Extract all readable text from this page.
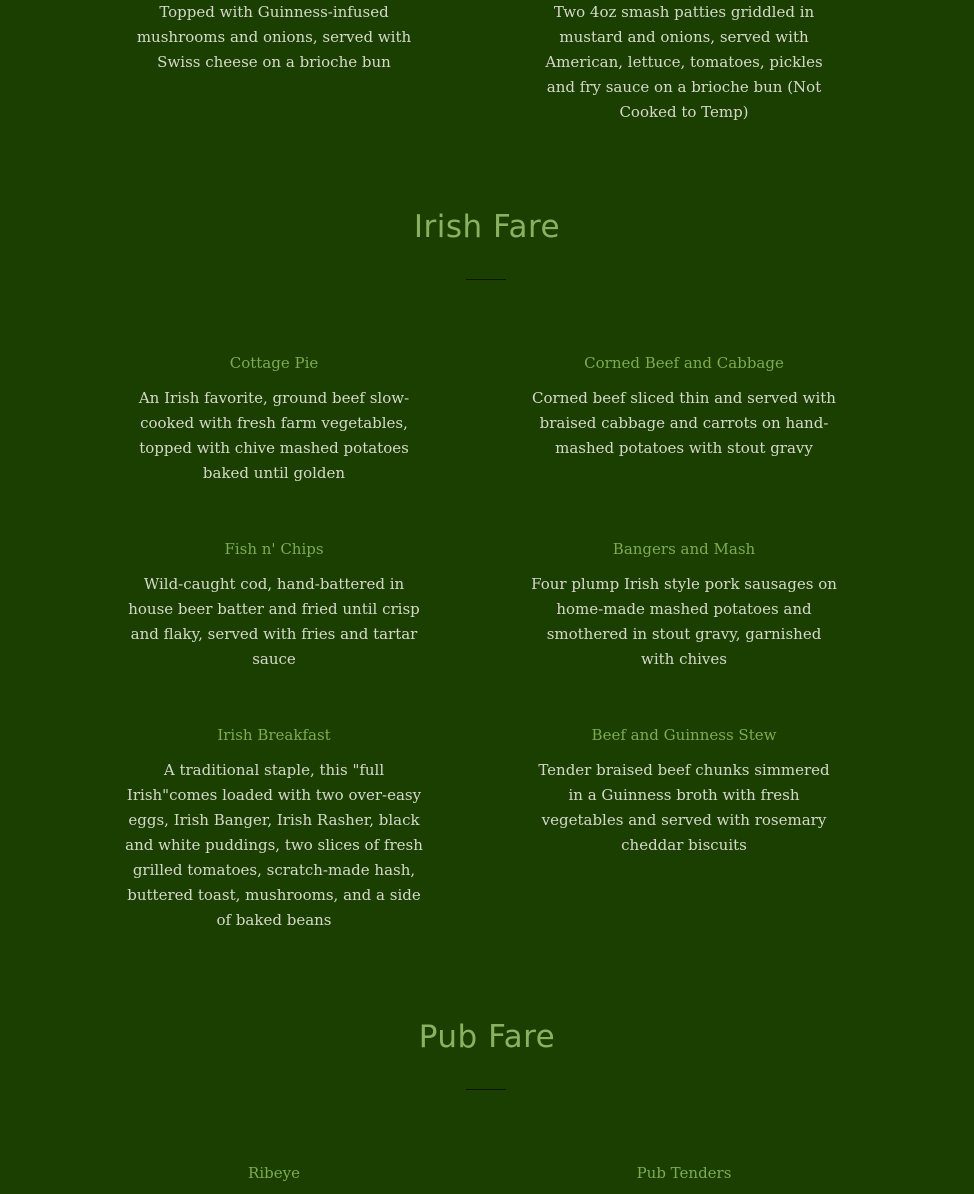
Topped with Guinness-infused mushrooms and onions, served with Swiss cheese on a brioche bun

Two 4oz smash patties griddled in mustard and onions, served with American, lettuce, tomatoes, pickles and fry sauce on a brioche bun (Not Cooked to Temp)

Irish Fare
Cottage Pie

An Irish favorite, ground beef slow-cooked with fresh farm vegetables, topped with chive mashed potatoes baked until golden

Corned Beef and Cabbage

Corned beef sliced thin and served with braised cabbage and carrots on hand-mashed potatoes with stout gravy

Fish n' Chips

Wild-caught cod, hand-battered in house beer batter and fried until crisp and flaky, served with fries and tartar sauce

Bangers and Mash

Four plump Irish style pork sausages on home-made mashed potatoes and smothered in stout gravy, garnished with chives

Irish Breakfast

A traditional staple, this "full Irish"comes loaded with two over-easy eggs, Irish Banger, Irish Rasher, black and white puddings, two slices of fresh grilled tomatoes, scratch-made hash, buttered toast, mushrooms, and a side of baked beans

Beef and Guinness Stew

Tender braised beef chunks simmered in a Guinness broth with fresh vegetables and served with rosemary cheddar biscuits

Pub Fare
Ribeye	Pub Tenders
